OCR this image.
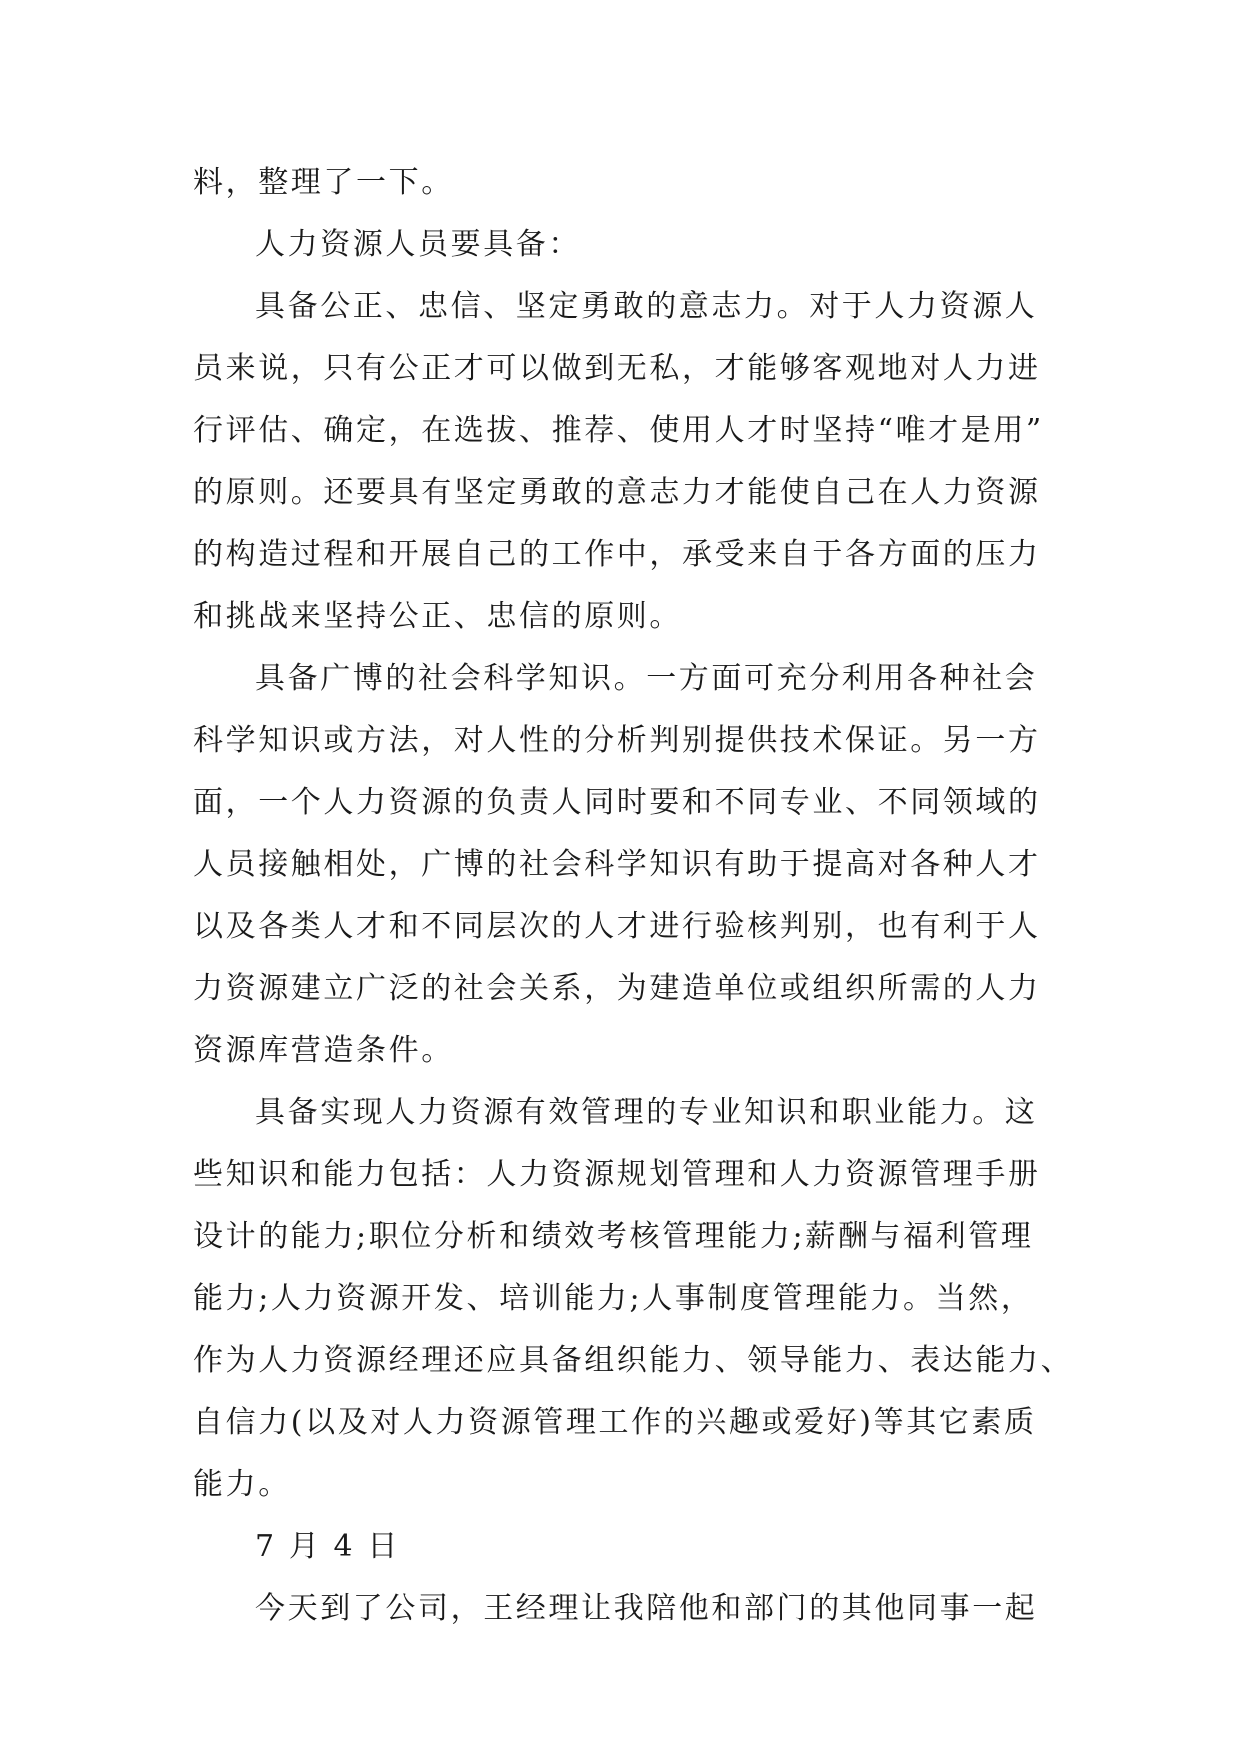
料，整理了一下。

人力资源人员要具备：

具备公正、忠信、坚定勇敢的意志力。对于人力资源人

员来说，只有公正才可以做到无私，才能够客观地对人力进

行评估、确定，在选拔、推荐、使用人才时坚持“唯才是用”

的原则。还要具有坚定勇敢的意志力才能使自己在人力资源

的构造过程和开展自己的工作中，承受来自于各方面的压力

和挑战来坚持公正、忠信的原则。

具备广博的社会科学知识。一方面可充分利用各种社会

科学知识或方法，对人性的分析判别提供技术保证。另一方

面，一个人力资源的负责人同时要和不同专业、不同领域的

人员接触相处，广博的社会科学知识有助于提高对各种人才

以及各类人才和不同层次的人才进行验核判别，也有利于人

力资源建立广泛的社会关系，为建造单位或组织所需的人力

资源库营造条件。

具备实现人力资源有效管理的专业知识和职业能力。这

些知识和能力包括：人力资源规划管理和人力资源管理手册

设计的能力;职位分析和绩效考核管理能力;薪酬与福利管理

能力;人力资源开发、培训能力;人事制度管理能力。当然，

作为人力资源经理还应具备组织能力、领导能力、表达能力、

自信力(以及对人力资源管理工作的兴趣或爱好)等其它素质

能力。

7 月 4 日

今天到了公司，王经理让我陪他和部门的其他同事一起
